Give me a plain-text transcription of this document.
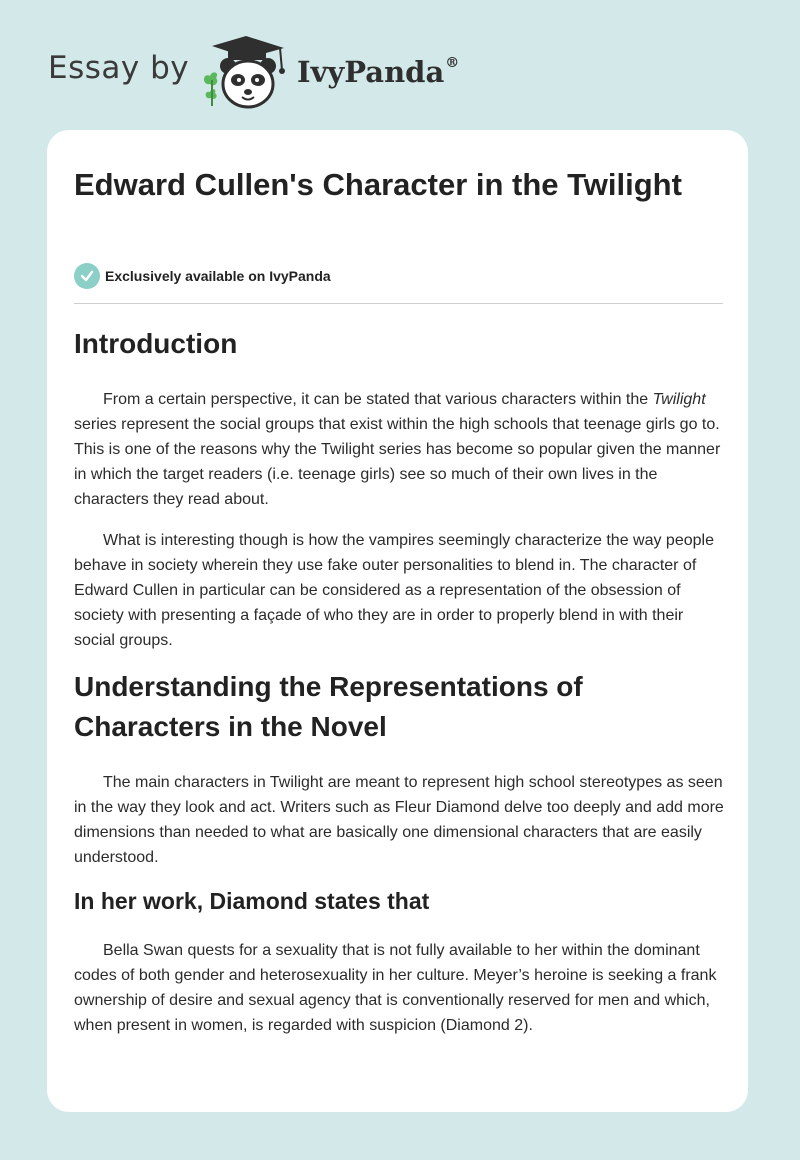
Essay by	IvyPanda®
Edward Cullen's Character in the Twilight
Exclusively available on IvyPanda
Introduction

From a certain perspective, it can be stated that various characters within the Twilight series represent the social groups that exist within the high schools that teenage girls go to. This is one of the reasons why the Twilight series has become so popular given the manner in which the target readers (i.e. teenage girls) see so much of their own lives in the characters they read about.

What is interesting though is how the vampires seemingly characterize the way people behave in society wherein they use fake outer personalities to blend in. The character of Edward Cullen in particular can be considered as a representation of the obsession of society with presenting a façade of who they are in order to properly blend in with their social groups.

Understanding the Representations of Characters in the Novel

The main characters in Twilight are meant to represent high school stereotypes as seen in the way they look and act. Writers such as Fleur Diamond delve too deeply and add more dimensions than needed to what are basically one dimensional characters that are easily understood.

In her work, Diamond states that

Bella Swan quests for a sexuality that is not fully available to her within the dominant codes of both gender and heterosexuality in her culture. Meyer’s heroine is seeking a frank ownership of desire and sexual agency that is conventionally reserved for men and which, when present in women, is regarded with suspicion (Diamond 2).
